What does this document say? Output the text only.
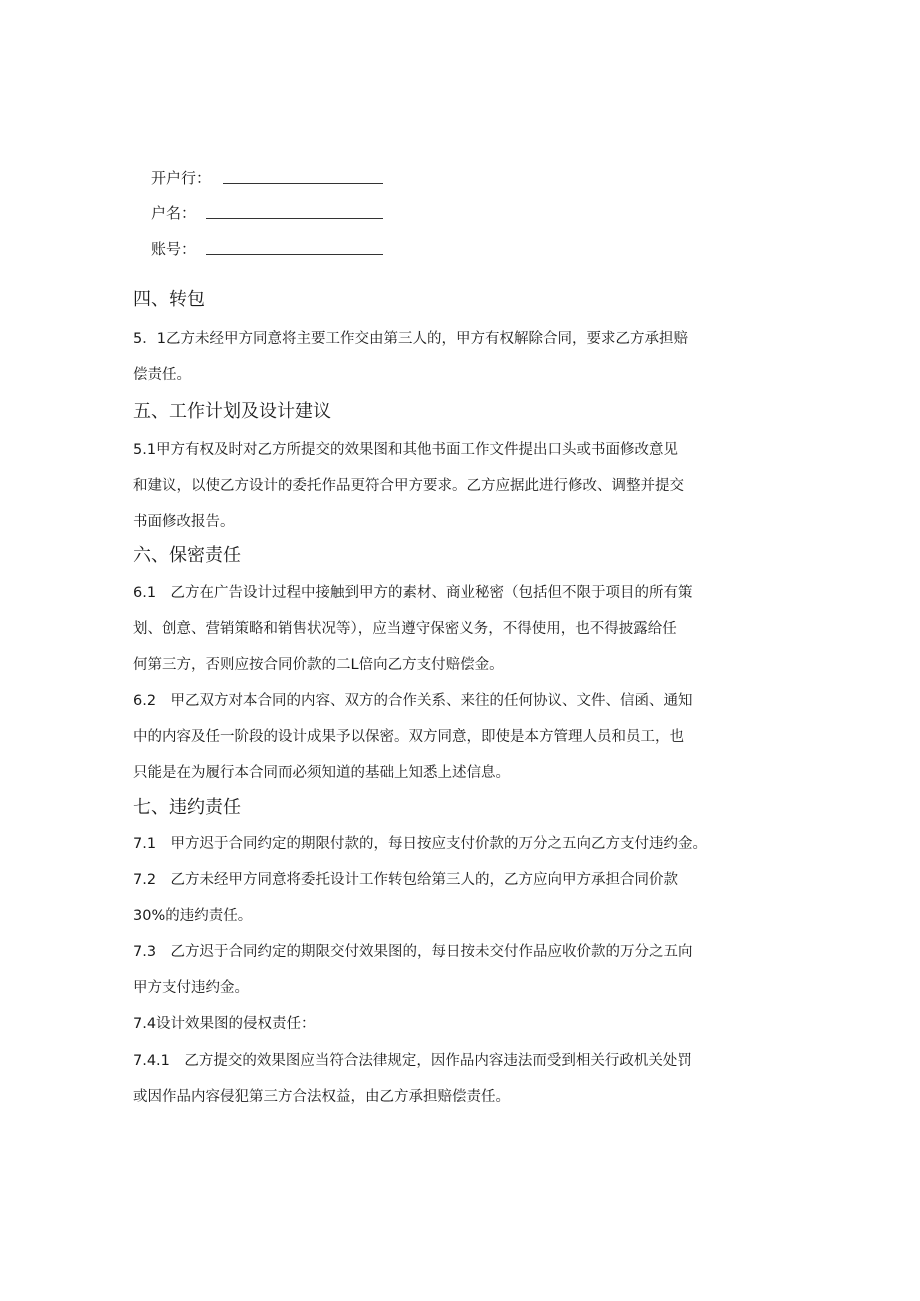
开户行：
户名：
账号：
四、转包
5．1乙方未经甲方同意将主要工作交由第三人的，甲方有权解除合同，要求乙方承担赔
偿责任。
五、工作计划及设计建议
5.1甲方有权及时对乙方所提交的效果图和其他书面工作文件提出口头或书面修改意见
和建议，以使乙方设计的委托作品更符合甲方要求。乙方应据此进行修改、调整并提交
书面修改报告。
六、保密责任
6.1　乙方在广告设计过程中接触到甲方的素材、商业秘密（包括但不限于项目的所有策
划、创意、营销策略和销售状况等），应当遵守保密义务，不得使用，也不得披露给任
何第三方，否则应按合同价款的二L倍向乙方支付赔偿金。
6.2　甲乙双方对本合同的内容、双方的合作关系、来往的任何协议、文件、信函、通知
中的内容及任一阶段的设计成果予以保密。双方同意，即使是本方管理人员和员工，也
只能是在为履行本合同而必须知道的基础上知悉上述信息。
七、违约责任
7.1　甲方迟于合同约定的期限付款的，每日按应支付价款的万分之五向乙方支付违约金。
7.2　乙方未经甲方同意将委托设计工作转包给第三人的，乙方应向甲方承担合同价款
30%的违约责任。
7.3　乙方迟于合同约定的期限交付效果图的，每日按未交付作品应收价款的万分之五向
甲方支付违约金。
7.4设计效果图的侵权责任：
7.4.1　乙方提交的效果图应当符合法律规定，因作品内容违法而受到相关行政机关处罚
或因作品内容侵犯第三方合法权益，由乙方承担赔偿责任。
